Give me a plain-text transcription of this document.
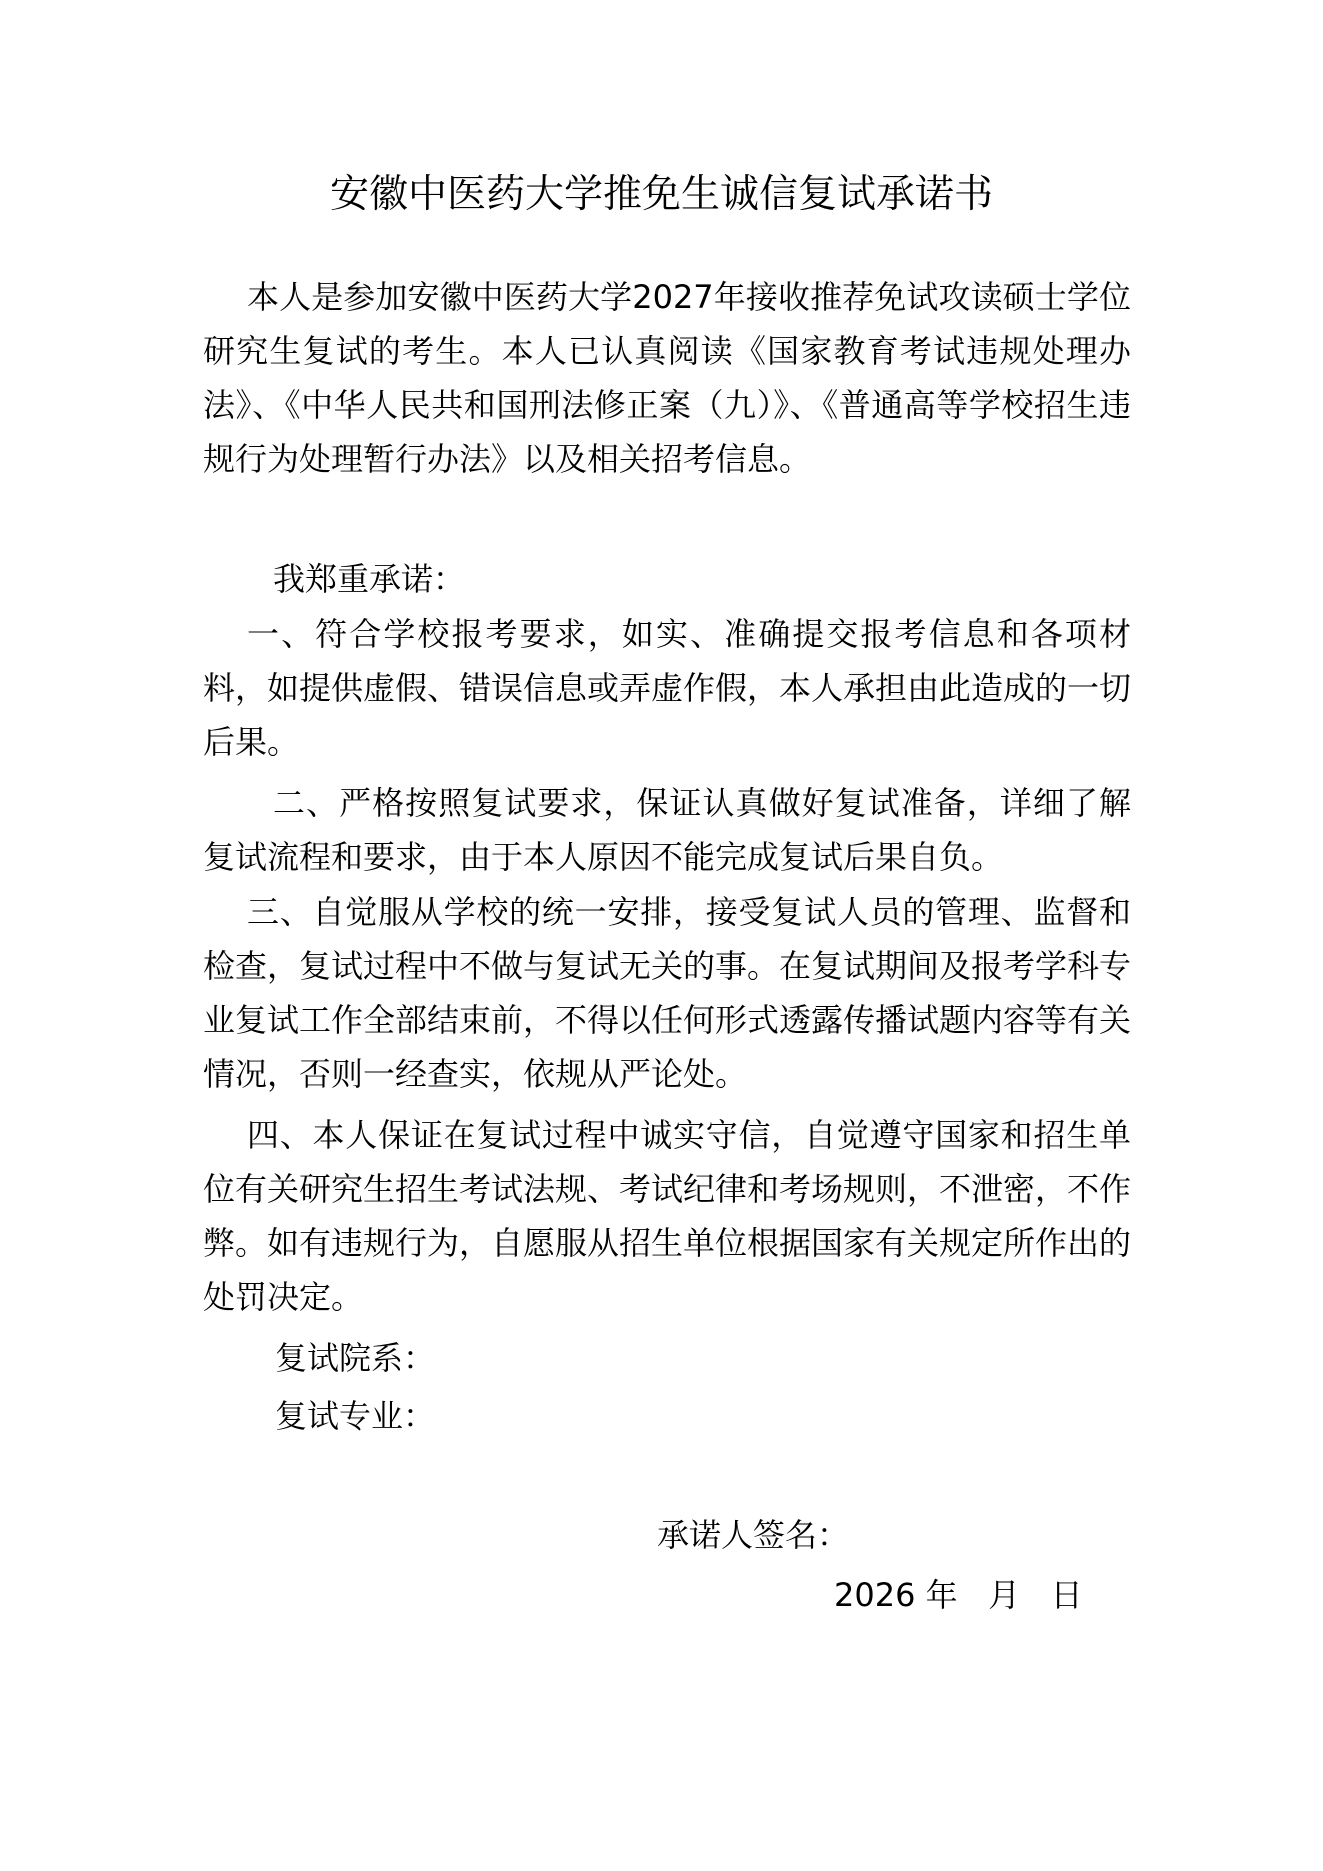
安徽中医药大学推免生诚信复试承诺书

本人是参加安徽中医药大学2027年接收推荐免试攻读硕士学位研究生复试的考生。本人已认真阅读《国家教育考试违规处理办法》、《中华人民共和国刑法修正案（九）》、《普通高等学校招生违规行为处理暂行办法》以及相关招考信息。

我郑重承诺：

一、符合学校报考要求，如实、准确提交报考信息和各项材料，如提供虚假、错误信息或弄虚作假，本人承担由此造成的一切后果。

二、严格按照复试要求，保证认真做好复试准备，详细了解复试流程和要求，由于本人原因不能完成复试后果自负。

三、自觉服从学校的统一安排，接受复试人员的管理、监督和检查，复试过程中不做与复试无关的事。在复试期间及报考学科专业复试工作全部结束前，不得以任何形式透露传播试题内容等有关情况，否则一经查实，依规从严论处。

四、本人保证在复试过程中诚实守信，自觉遵守国家和招生单位有关研究生招生考试法规、考试纪律和考场规则，不泄密，不作弊。如有违规行为，自愿服从招生单位根据国家有关规定所作出的处罚决定。

复试院系：

复试专业：

承诺人签名：

2026 年   月   日
